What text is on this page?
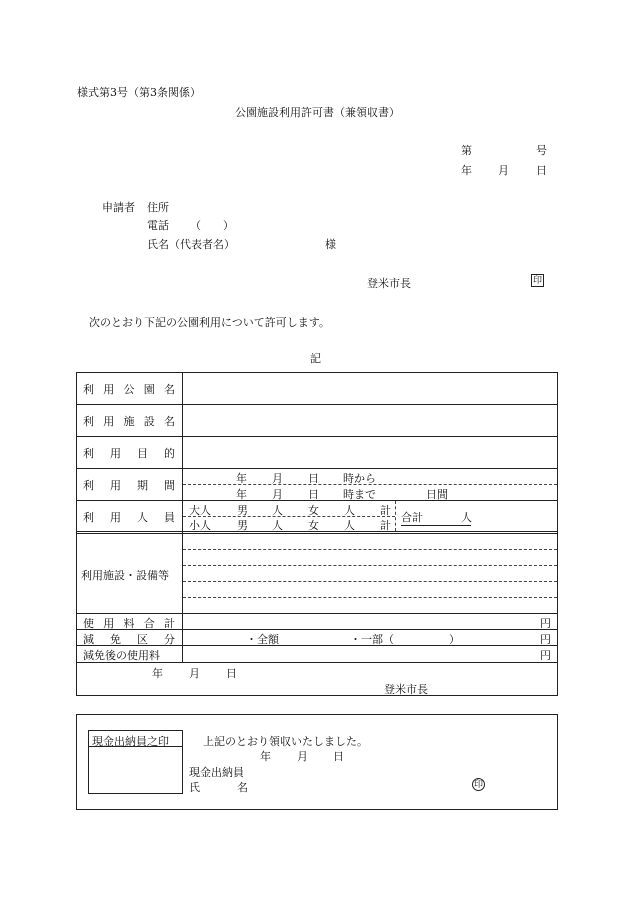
様式第3号（第3条関係）
公園施設利用許可書（兼領収書）
第	号
年 月 日
申請者 住所
電話 （　　）
氏名（代表者名）	様
登米市長	印
次のとおり下記の公園利用について許可します。
記
利 用 公 園 名
利 用 施 設 名
利 用 目 的
利 用 期 間
年 月 日 時から
年 月 日 時まで	日間
利 用 人 員
大人 男 人 女 人 計
小人 男 人 女 人 計
合計	人
利用施設・設備等
使 用 料 合 計	円
減 免 区 分	・全額	・一部（　　　　　）	円
減免後の使用料	円
年 月 日
登米市長
現金出納員之印	上記のとおり領収いたしました。
年 月 日
現金出納員
氏	名	印
